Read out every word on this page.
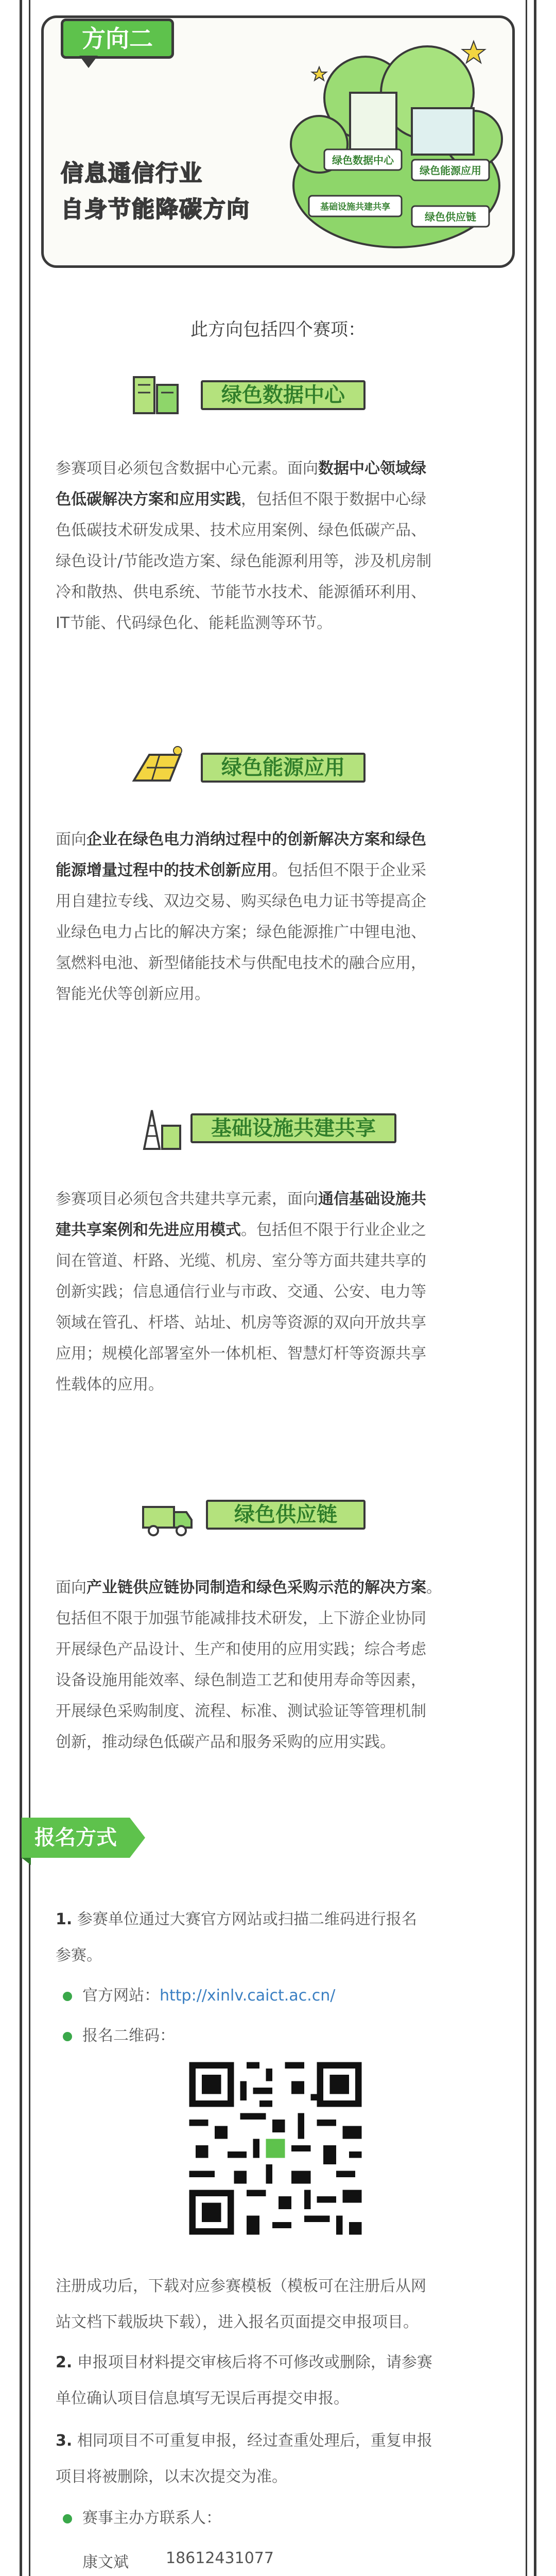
方向二
信息通信行业
自身节能降碳方向
绿色数据中心
绿色能源应用
基础设施共建共享
绿色供应链
此方向包括四个赛项：
绿色数据中心
参赛项目必须包含数据中心元素。面向数据中心领域绿
色低碳解决方案和应用实践，包括但不限于数据中心绿
色低碳技术研发成果、技术应用案例、绿色低碳产品、
绿色设计/节能改造方案、绿色能源利用等，涉及机房制
冷和散热、供电系统、节能节水技术、能源循环利用、
IT节能、代码绿色化、能耗监测等环节。
绿色能源应用
面向企业在绿色电力消纳过程中的创新解决方案和绿色
能源增量过程中的技术创新应用。包括但不限于企业采
用自建拉专线、双边交易、购买绿色电力证书等提高企
业绿色电力占比的解决方案；绿色能源推广中锂电池、
氢燃料电池、新型储能技术与供配电技术的融合应用，
智能光伏等创新应用。
基础设施共建共享
参赛项目必须包含共建共享元素，面向通信基础设施共
建共享案例和先进应用模式。包括但不限于行业企业之
间在管道、杆路、光缆、机房、室分等方面共建共享的
创新实践；信息通信行业与市政、交通、公安、电力等
领域在管孔、杆塔、站址、机房等资源的双向开放共享
应用；规模化部署室外一体机柜、智慧灯杆等资源共享
性载体的应用。
绿色供应链
面向产业链供应链协同制造和绿色采购示范的解决方案。
包括但不限于加强节能减排技术研发，上下游企业协同
开展绿色产品设计、生产和使用的应用实践；综合考虑
设备设施用能效率、绿色制造工艺和使用寿命等因素，
开展绿色采购制度、流程、标准、测试验证等管理机制
创新，推动绿色低碳产品和服务采购的应用实践。
报名方式
1. 参赛单位通过大赛官方网站或扫描二维码进行报名
参赛。
官方网站：http://xinlv.caict.ac.cn/
报名二维码：
注册成功后，下载对应参赛模板（模板可在注册后从网
站文档下载版块下载），进入报名页面提交申报项目。
2. 申报项目材料提交审核后将不可修改或删除，请参赛
单位确认项目信息填写无误后再提交申报。
3. 相同项目不可重复申报，经过查重处理后，重复申报
项目将被删除，以末次提交为准。
赛事主办方联系人：
康文斌 18612431077
